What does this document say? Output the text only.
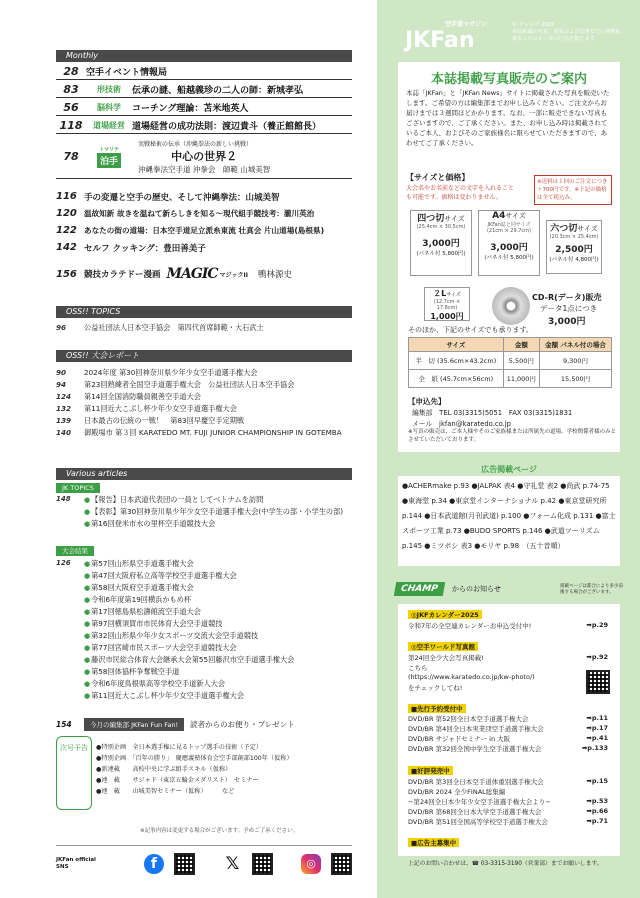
Monthly
28 空手イベント情報局
83	形技術	伝承の謎、船越義珍の二人の師：新城孝弘
56	脳科学	コーチング理論：苫米地英人
118	道場経営 道場経営の成功法則：渡辺貴斗（養正館館長）
78
トマリテ
泊手
実戦秘術の伝承（沖縄拳法の新しい挑戦）
中心の世界２
沖縄拳法空手道 沖拳会　師範 山城美智
116 手の変遷と空手の歴史、そして沖縄拳法：山城美智
120 温故知新 故きを温ねて新らしきを知る〜現代組手競技考：瀧川英治
122 あなたの街の道場：日本空手道足立派糸東流 壮真会 片山道場(島根県)
142 セルフ クッキング：豊田善美子
156 競技カラテドー漫画 MAGIC マジックII 鴨林源史
OSS!! TOPICS
96	公益社団法人日本空手協会　第四代首席師範・大石武士
OSS!! 大会レポート
90	2024年度 第30回神奈川県少年少女空手道選手権大会
94	第23回熟練者全国空手道選手権大会　公益社団法人日本空手協会
124	第14回全国消防職員親善空手道大会
132	第11回近大こぶし杯少年少女空手道選手権大会
139	日本最古の伝統の一戦！　第83回早慶空手定期戦
140	御殿場市 第３回 KARATEDO MT. FUJI JUNIOR CHAMPIONSHIP IN GOTEMBA
Various articles
JK TOPICS
148	● 【報告】日本武道代表団の一員としてベトナムを訪問
● 【表彰】第30回神奈川県少年少女空手道選手権大会(中学生の部・小学生の部)
● 第16回登米市水の里杯空手道競技大会
大会結果
126	● 第57回山形県空手道選手権大会
● 第47回大阪府私立高等学校空手道選手権大会
● 第58回大阪府空手道選手権大会
● 令和6年度第19回横浜かもめ杯
● 第17回徳島県松濤館流空手道大会
● 第97回横須賀市市民体育大会空手道競技
● 第32回山形県少年少女スポーツ交流大会空手道競技
● 第77回宮崎市民スポーツ大会空手道競技大会
● 藤沢市民総合体育大会継承大会第55回藤沢市空手道選手権大会
● 第58回体協杯争奪戦空手道
● 令和6年度鳥根県高等学校空手道新人大会
● 第11回近大こぶし杯少年少女空手道選手権大会
154	今月の編集部 JKFan Fun Fan!	読者からのお便り・プレゼント
次号予告	●特別企画　全日本選手権に見るトップ選手の技術（予定）
●特別企画　「百年の勝り」　慶應義塾体育会空手部創部100年（仮称）
●新連載　　高校中央に学ぶ組手スキル（仮称）
●連　載　　サジャド（東京五輪金メダリスト）　セミナー
●連　載　　山城美智セミナー（仮称）　　　など
※記事内容は変更する場合がございます。予めご了承ください。
JKFan official SNS	f	𝕏	◎
空手道マガジン
JKFan
© チャンプ 2025
本誌掲載の写真、図版および記事などの無断転載およびコピー等の行為を禁じます。
本誌掲載写真販売のご案内
本誌「JKFan」と「JKFan News」サイトに掲載された写真を販売いたします。ご希望の方は編集部までお申し込みください。ご注文からお届けまでは３週間ほどかかります。なお、一部に販売できない写真もございますので、ご了承ください。また、お申し込み時は掲載されているご本人、およびそのご家族様名に限らせていただきますので、あわせてご了承ください。
【サイズと価格】
大会名やお名前などの文字を入れることも可能です。価格は変わりません。
※送料は１回のご注文につき＋700円です。※下記の価格は全て税込み。
四つ切サイズ
(25.4cm × 30.5cm)
3,000円
(パネル付 5,800円)
A4サイズ
JKFan誌と同サイズ (21cm × 29.7cm)
3,000円
(パネル付 5,800円)
六つ切サイズ
(20.3cm × 25.4cm)
2,500円
(パネル付 4,800円)
２Lサイズ
(12.7cm × 17.8cm)
1,000円
CD-R(データ)販売
データ1点につき
3,000円
そのほか、下記のサイズでも承ります。
サイズ	金額	金額 パネル付の場合
半　切 (35.6cm×43.2cm)	5,500円	9,300円
全　紙 (45.7cm×56cm)	11,000円	15,500円
【申込先】
編集部　TEL 03(3315)5051　FAX 03(3315)1831
メール　jkfan@karatedo.co.jp
※写真の販売は、ご本人様やそのご家族様または所属先の道場、学校関係者様のみとさせていただいております。
広告掲載ページ
●ACHERmake p.93 ●JALPAK 表4 ●守礼堂 表2 ●尚武 p.74-75 ●東海堂 p.34 ●東京堂インターナショナル p.42 ●東京堂研究所 p.144 ●日本武道館(月刊武道) p.100 ●フォーム化成 p.131 ●富士スポーツ工業 p.73 ●BUDO SPORTS p.146 ●武道ツーリズム p.145 ●ミツボシ 表3 ●モリヤ p.98　（五十音順）
CHAMP	からのお知らせ	掲載ページは都合により多少前後する場合がございます。
◎JKFカレンダー2025
令和7年の全空連カレンダーお申込受付中!	➡p.29
◎空手ワールド写真館
第24回全少大会写真掲載!	➡p.92
こちら
(https://www.karatedo.co.jp/kw-photo/)
をチェックしてね!
■先行予約受付中
DVD/BR 第52回全日本空手道選手権大会	➡p.11
DVD/BR 第4回全日本実業団空手道選手権大会	➡p.17
DVD/BR サジャドセミナー in 大阪	➡p.41
DVD/BR 第32回全国中学生空手道選手権大会	➡p.133
■好評発売中
DVD/BR 第3回全日本空手道体重別選手権大会	➡p.15
DVD/BR 2024 全少FINAL総集編
−第24回全日本少年少女空手道選手権大会より−	➡p.53
DVD/BR 第68回全日本大学空手道選手権大会	➡p.66
DVD/BR 第51回全国高等学校空手道選手権大会	➡p.71
■広告主募集中
上記のお問い合わせは、☎ 03-3315-3190（営業部）までお願いします。
